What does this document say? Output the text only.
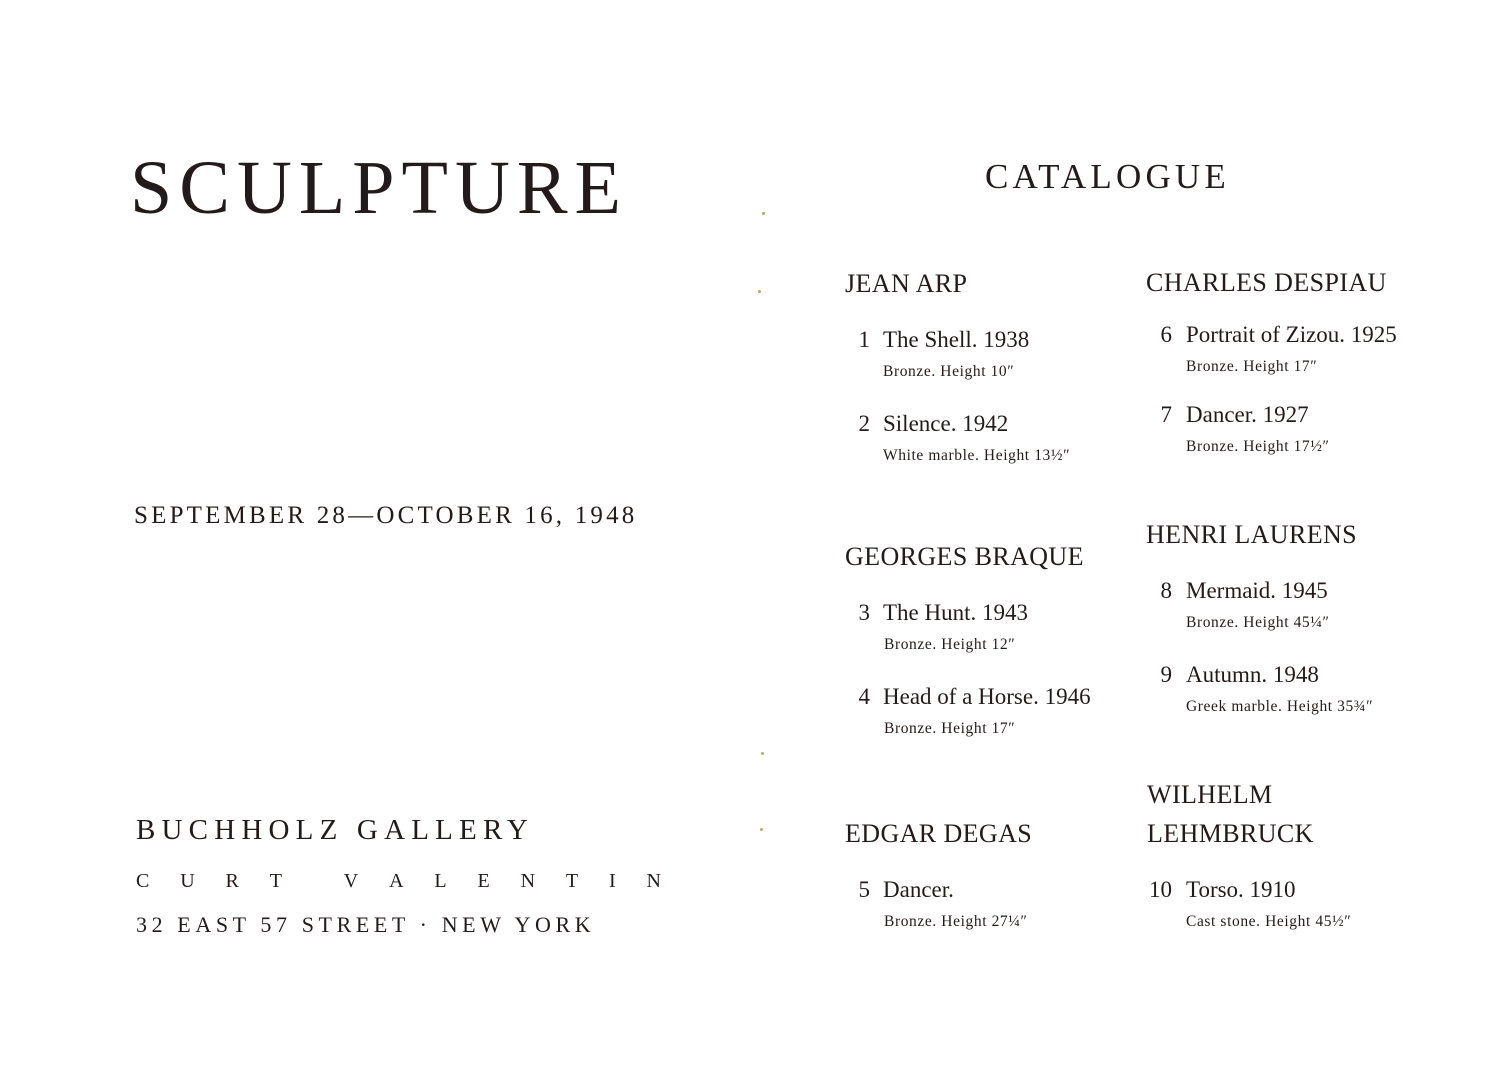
SCULPTURE
SEPTEMBER 28—OCTOBER 16, 1948
BUCHHOLZ GALLERY
C U R T	V A L E N T I N
32 EAST 57 STREET · NEW YORK
CATALOGUE
JEAN ARP
1 The Shell. 1938
Bronze. Height 10″
2 Silence. 1942
White marble. Height 13½″
GEORGES BRAQUE
3 The Hunt. 1943
Bronze. Height 12″
4 Head of a Horse. 1946
Bronze. Height 17″
EDGAR DEGAS
5 Dancer.
Bronze. Height 27¼″
CHARLES DESPIAU
6 Portrait of Zizou. 1925
Bronze. Height 17″
7 Dancer. 1927
Bronze. Height 17½″
HENRI LAURENS
8 Mermaid. 1945
Bronze. Height 45¼″
9 Autumn. 1948
Greek marble. Height 35¾″
WILHELM
LEHMBRUCK
10 Torso. 1910
Cast stone. Height 45½″
